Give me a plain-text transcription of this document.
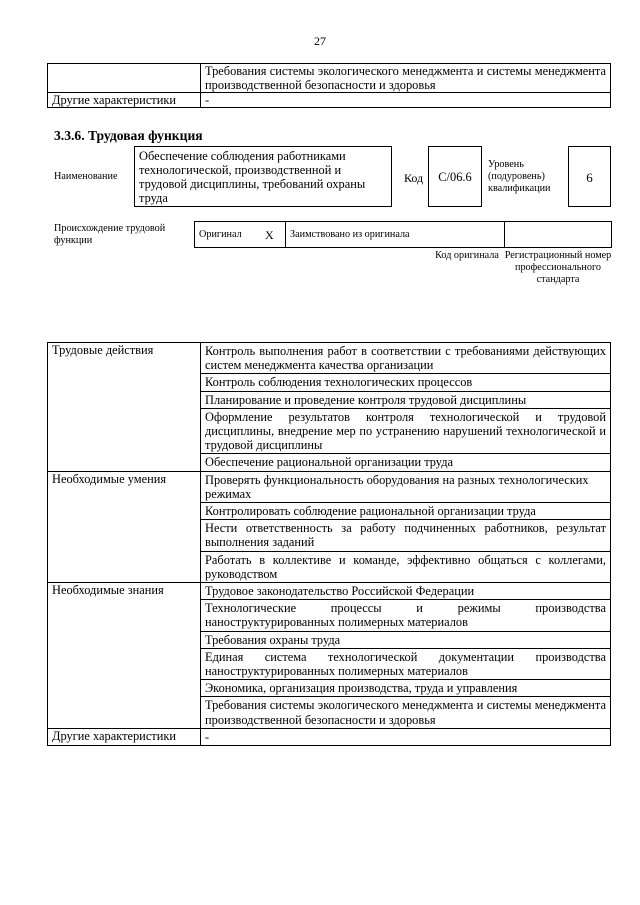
27
	Требования системы экологического менеджмента и системы менеджмента производственной безопасности и здоровья
Другие характеристики	-
3.3.6. Трудовая функция
Наименование
Обеспечение соблюдения работниками технологической, производственной и трудовой дисциплины, требований охраны труда
Код	C/06.6
Уровень (подуровень) квалификации
6
Происхождение трудовой функции
Оригинал	X	Заимствовано из оригинала		
Код оригинала Регистрационный номер профессионального стандарта
Трудовые действия	Контроль выполнения работ в соответствии с требованиями действующих систем менеджмента качества организации
	Контроль соблюдения технологических процессов
	Планирование и проведение контроля трудовой дисциплины
	Оформление результатов контроля технологической и трудовой дисциплины, внедрение мер по устранению нарушений технологической и трудовой дисциплины
	Обеспечение рациональной организации труда
Необходимые умения	Проверять функциональность оборудования на разных технологических режимах
	Контролировать соблюдение рациональной организации труда
	Нести ответственность за работу подчиненных работников, результат выполнения заданий
	Работать в коллективе и команде, эффективно общаться с коллегами, руководством
Необходимые знания	Трудовое законодательство Российской Федерации
	Технологические процессы и режимы производства наноструктурированных полимерных материалов
	Требования охраны труда
	Единая система технологической документации производства наноструктурированных полимерных материалов
	Экономика, организация производства, труда и управления
	Требования системы экологического менеджмента и системы менеджмента производственной безопасности и здоровья
Другие характеристики	-
